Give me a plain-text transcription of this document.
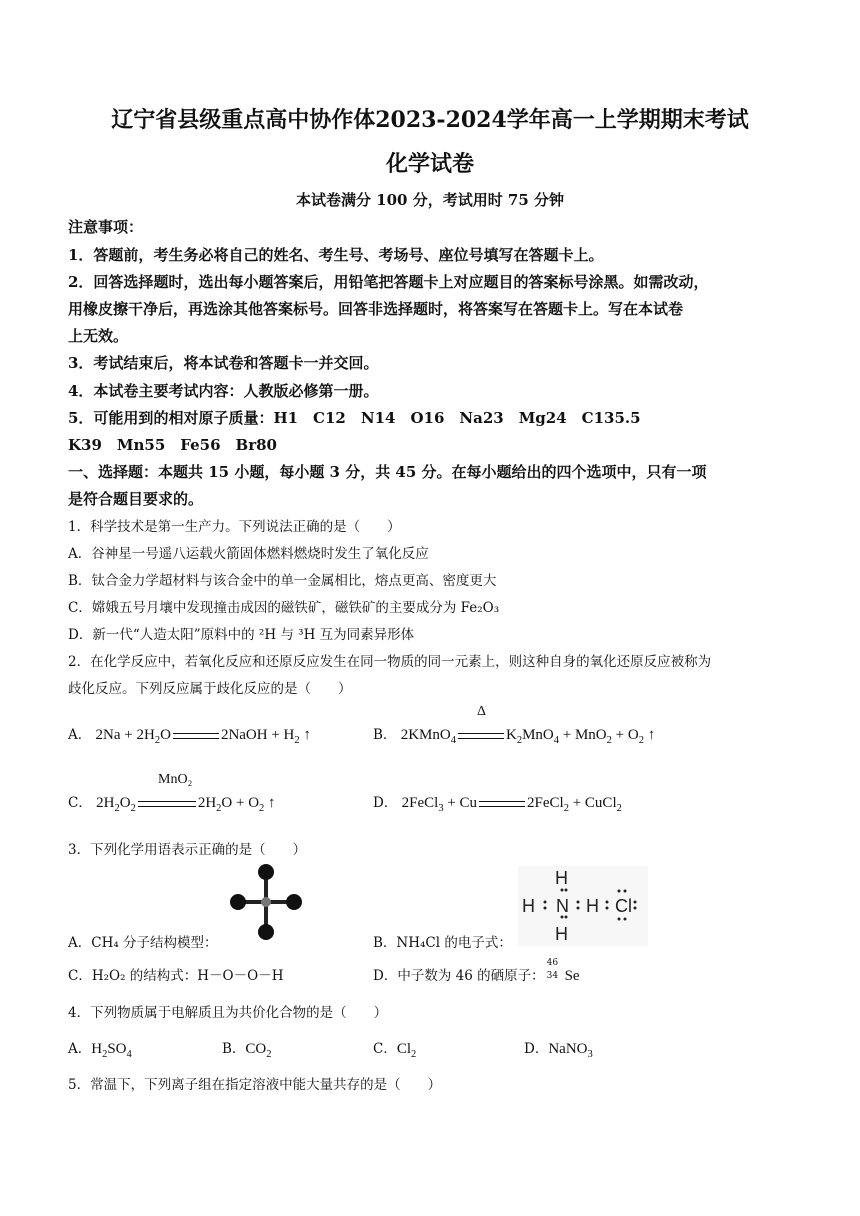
辽宁省县级重点高中协作体2023-2024学年高一上学期期末考试
化学试卷
本试卷满分 100 分，考试用时 75 分钟
注意事项：
1．答题前，考生务必将自己的姓名、考生号、考场号、座位号填写在答题卡上。
2．回答选择题时，选出每小题答案后，用铅笔把答题卡上对应题目的答案标号涂黑。如需改动，
用橡皮擦干净后，再选涂其他答案标号。回答非选择题时，将答案写在答题卡上。写在本试卷
上无效。
3．考试结束后，将本试卷和答题卡一并交回。
4．本试卷主要考试内容：人教版必修第一册。
5．可能用到的相对原子质量：H1　C12　N14　O16　Na23　Mg24　C135.5
K39　Mn55　Fe56　Br80
一、选择题：本题共 15 小题，每小题 3 分，共 45 分。在每小题给出的四个选项中，只有一项
是符合题目要求的。
1．科学技术是第一生产力。下列说法正确的是（　　）
A．谷神星一号遥八运载火箭固体燃料燃烧时发生了氧化反应
B．钛合金力学超材料与该合金中的单一金属相比，熔点更高、密度更大
C．嫦娥五号月壤中发现撞击成因的磁铁矿，磁铁矿的主要成分为 Fe₂O₃
D．新一代“人造太阳”原料中的 ²H 与 ³H 互为同素异形体
2．在化学反应中，若氧化反应和还原反应发生在同一物质的同一元素上，则这种自身的氧化还原反应被称为
歧化反应。下列反应属于歧化反应的是（　　）
A． $2Na + 2H_2O$	2NaOH + $H_2$ ↑
Δ
B． 2KMnO$_4$	$K_2MnO_4 + MnO_2 + O_2$ ↑
MnO₂
C． $2H_2O_2$	$2H_2O + O_2$ ↑	D． 2FeCl$_3$ + Cu	2FeCl$_2$ + CuCl$_2$
3．下列化学用语表示正确的是（　　）
A．CH₄ 分子结构模型：
H
H N H Cl
H
B．NH₄Cl 的电子式：
C．H₂O₂ 的结构式：H－O－O－H	D．中子数为 46 的硒原子：
46
34 Se
4．下列物质属于电解质且为共价化合物的是（　　）
A．$H_2SO_4$	B．$CO_2$	C．$Cl_2$	D．NaNO$_3$
5．常温下，下列离子组在指定溶液中能大量共存的是（　　）
